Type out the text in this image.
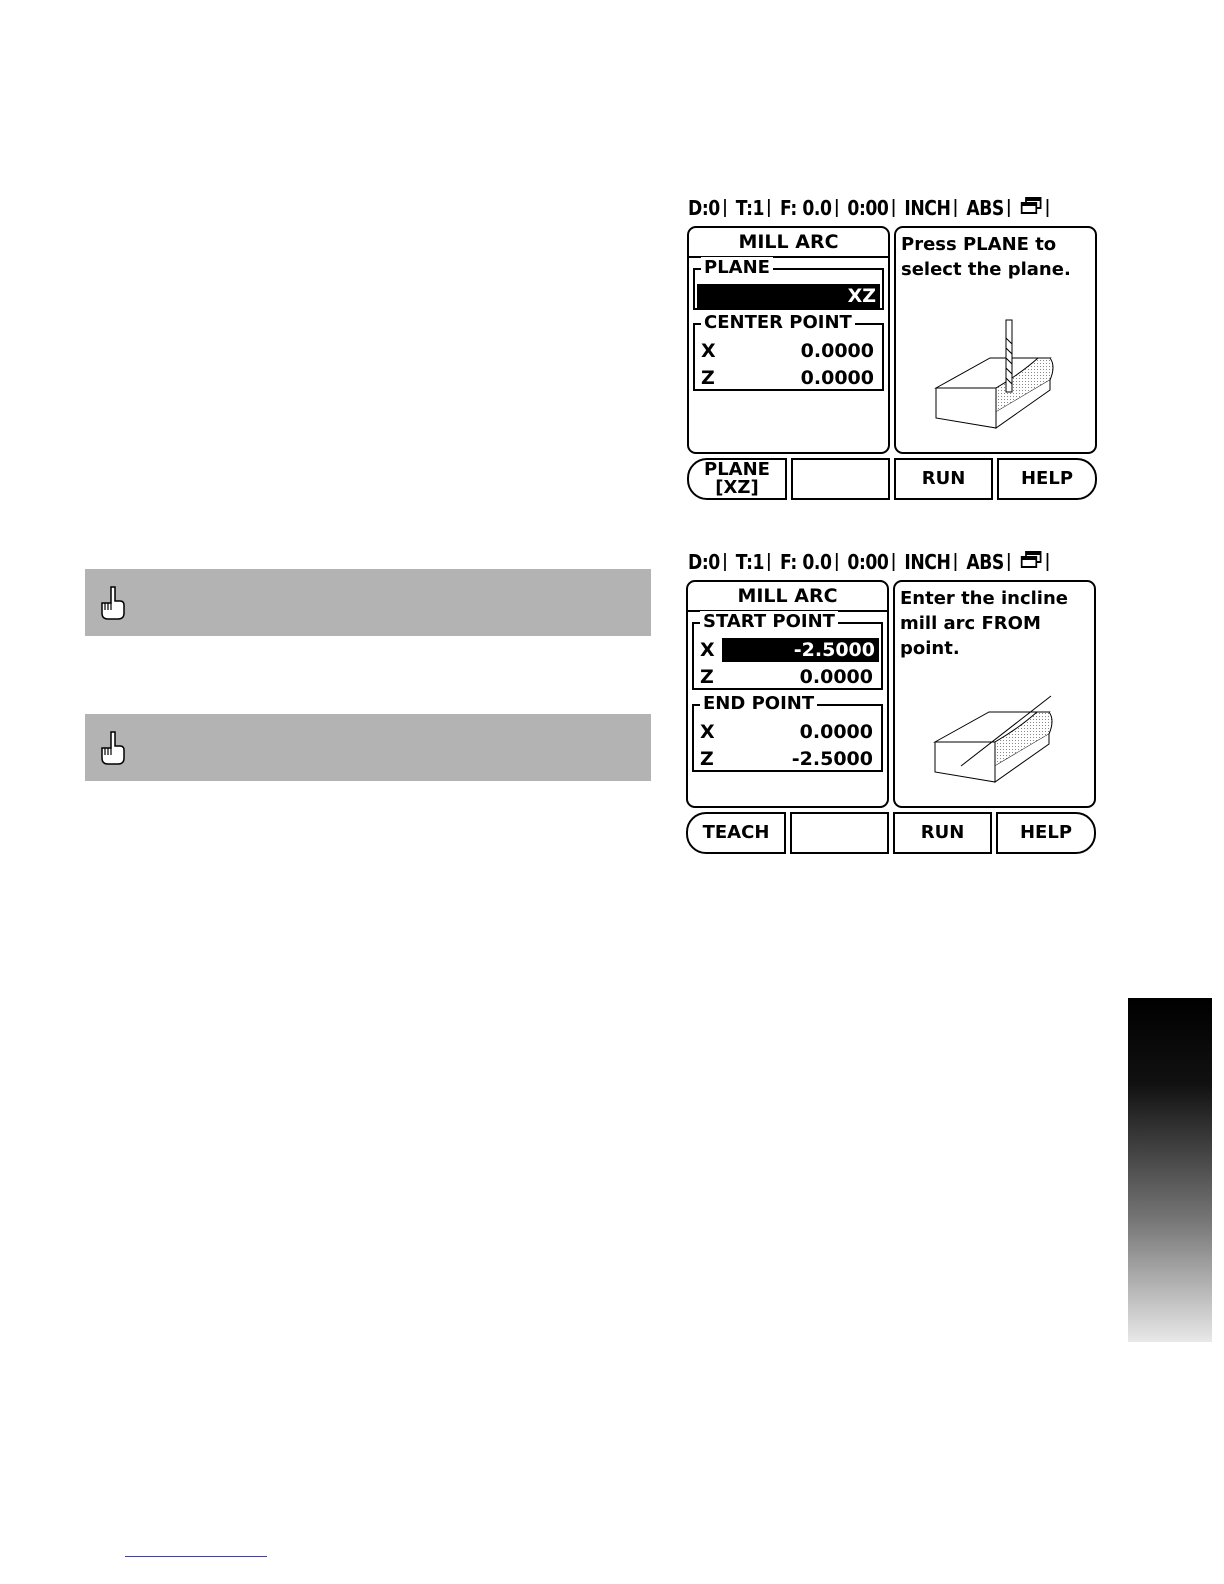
D:0 T:1 F: 0.0 0:00 INCH ABS
MILL ARC
PLANE
XZ
CENTER POINT
X	0.0000
Z	0.0000
Press PLANE to select the plane.
PLANE
[XZ]	RUN	HELP
D:0 T:1 F: 0.0 0:00 INCH ABS
MILL ARC
START POINT
X	-2.5000
Z	0.0000
END POINT
X	0.0000
Z	-2.5000
Enter the incline mill arc FROM point.
TEACH	RUN	HELP
